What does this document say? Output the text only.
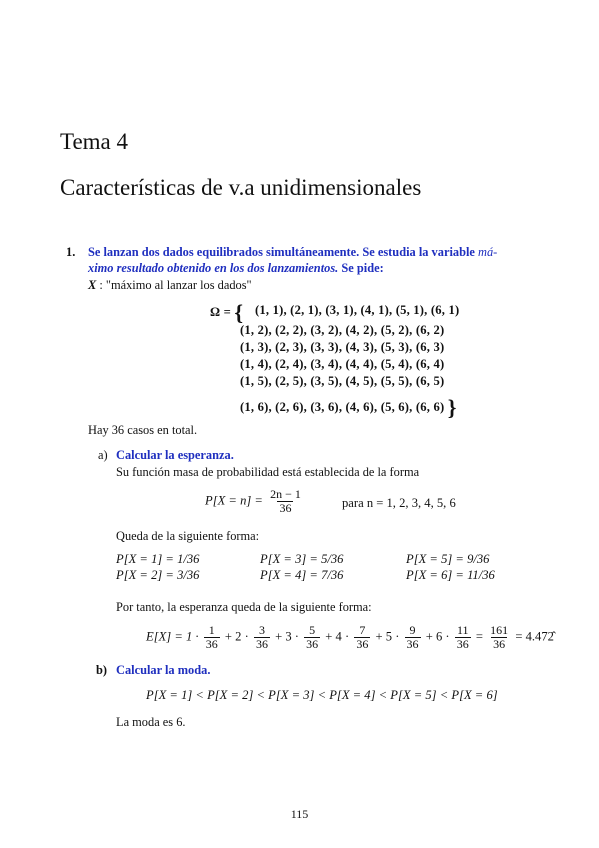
Tema 4
Características de v.a unidimensionales
1. Se lanzan dos dados equilibrados simultáneamente. Se estudia la variable má-
ximo resultado obtenido en los dos lanzamientos. Se pide:
X : "máximo al lanzar los dados"
Ω = { (1, 1), (2, 1), (3, 1), (4, 1), (5, 1), (6, 1)
(1, 2), (2, 2), (3, 2), (4, 2), (5, 2), (6, 2)
(1, 3), (2, 3), (3, 3), (4, 3), (5, 3), (6, 3)
(1, 4), (2, 4), (3, 4), (4, 4), (5, 4), (6, 4)
(1, 5), (2, 5), (3, 5), (4, 5), (5, 5), (6, 5)
(1, 6), (2, 6), (3, 6), (4, 6), (5, 6), (6, 6) }
Hay 36 casos en total.
a) Calcular la esperanza.
Su función masa de probabilidad está establecida de la forma
$P[X = n] = \frac{2n - 1}{36}$	para n = 1, 2, 3, 4, 5, 6
Queda de la siguiente forma:
P[X = 1] = 1/36	P[X = 3] = 5/36	P[X = 5] = 9/36
P[X = 2] = 3/36	P[X = 4] = 7/36	P[X = 6] = 11/36
Por tanto, la esperanza queda de la siguiente forma:
$E[X] = 1 \cdot \frac{1}{36} + 2 \cdot \frac{3}{36} + 3 \cdot \frac{5}{36} + 4 \cdot \frac{7}{36} + 5 \cdot \frac{9}{36} + 6 \cdot \frac{11}{36} = \frac{161}{36}$ = 4.472̂
b) Calcular la moda.
P[X = 1] < P[X = 2] < P[X = 3] < P[X = 4] < P[X = 5] < P[X = 6]
La moda es 6.
115
